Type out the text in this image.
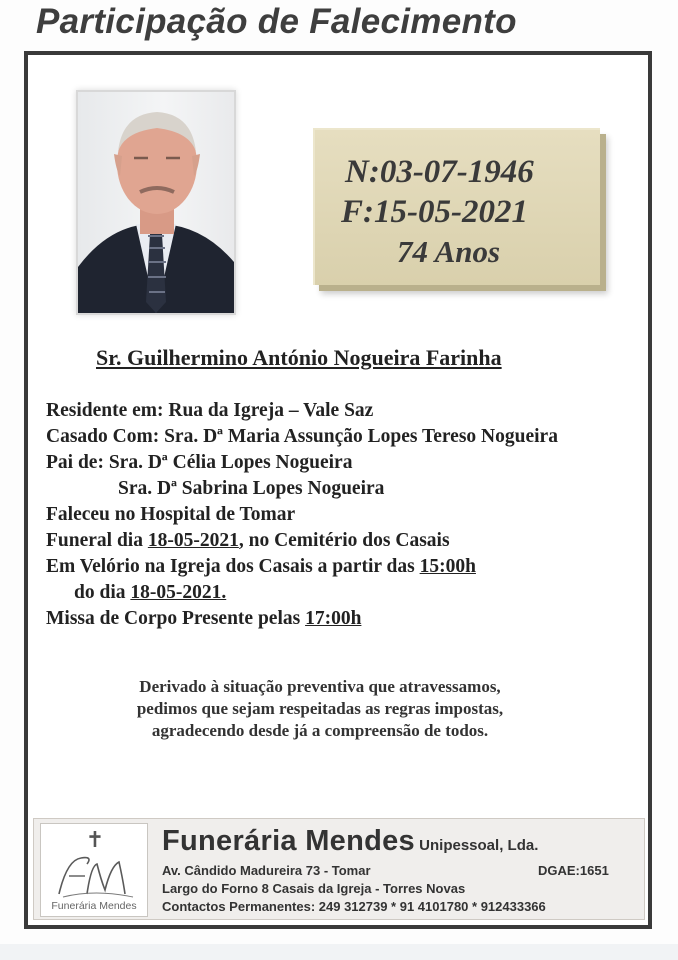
Participação de Falecimento
N:03-07-1946
F:15-05-2021
74 Anos
Sr. Guilhermino António Nogueira Farinha
Residente em: Rua da Igreja – Vale Saz
Casado Com: Sra. Dª Maria Assunção Lopes Tereso Nogueira
Pai de: Sra. Dª Célia Lopes Nogueira
Sra. Dª Sabrina Lopes Nogueira
Faleceu no Hospital de Tomar
Funeral dia 18-05-2021, no Cemitério dos Casais
Em Velório na Igreja dos Casais a partir das 15:00h
do dia 18-05-2021.
Missa de Corpo Presente pelas 17:00h
Derivado à situação preventiva que atravessamos,
pedimos que sejam respeitadas as regras impostas,
agradecendo desde já a compreensão de todos.
✝
Funerária Mendes
Funerária Mendes Unipessoal, Lda.
Av. Cândido Madureira 73 - Tomar	DGAE:1651
Largo do Forno 8 Casais da Igreja - Torres Novas
Contactos Permanentes: 249 312739 * 91 4101780 * 912433366
